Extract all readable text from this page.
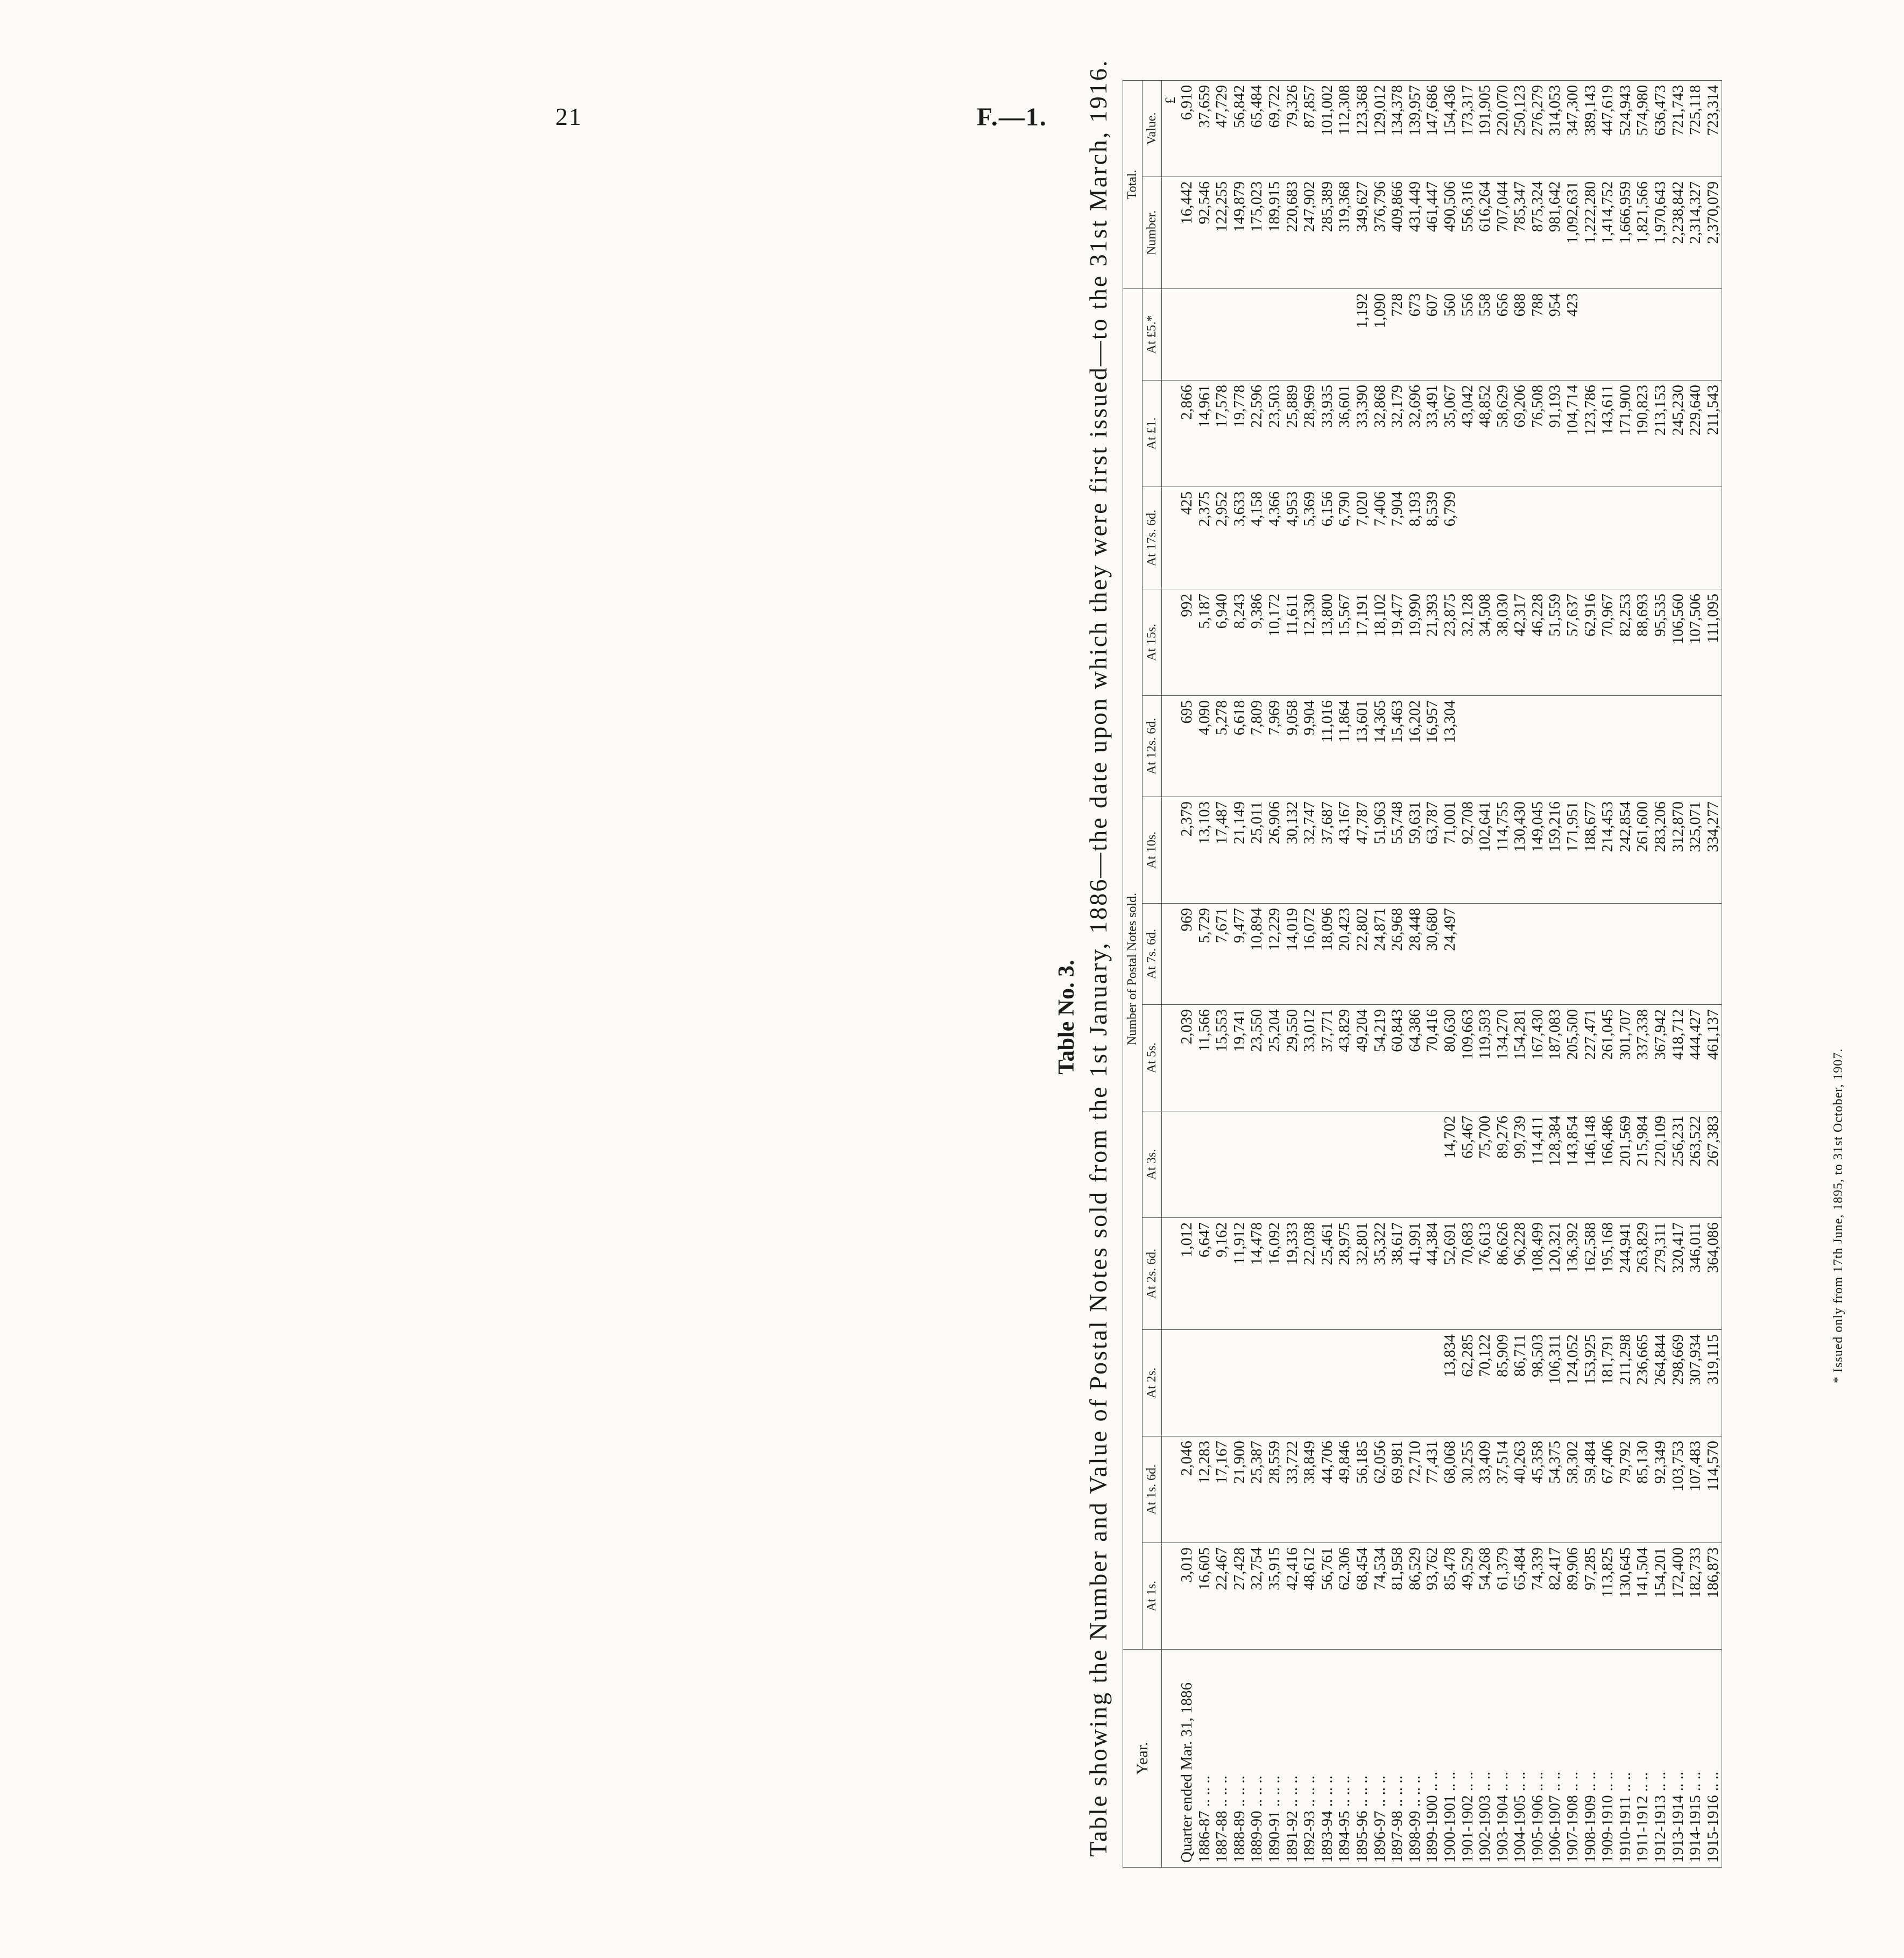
21	F.—1.
Table No. 3. Table showing the Number and Value of Postal Notes sold from the 1st January, 1886—the date upon which they were first issued—to the 31st March, 1916. Year.	Number of Postal Notes sold.													Total.	
	At 1s.	At 1s. 6d.	At 2s.	At 2s. 6d.	At 3s.	At 5s.	At 7s. 6d.	At 10s.	At 12s. 6d.	At 15s.	At 17s. 6d.	At £1.	At £5.*	Number.	Value.
Quarter ended Mar. 31, 1886	3,019	2,046		1,012		2,039	969	2,379	695	992	425	2,866		16,442	6,910
£

1886-87 .. .. ..	16,605	12,283		6,647		11,566	5,729	13,103	4,090	5,187	2,375	14,961		92,546	37,659
1887-88 .. .. ..	22,467	17,167		9,162		15,553	7,671	17,487	5,278	6,940	2,952	17,578		122,255	47,729
1888-89 .. .. ..	27,428	21,900		11,912		19,741	9,477	21,149	6,618	8,243	3,633	19,778		149,879	56,842
1889-90 .. .. ..	32,754	25,387		14,478		23,550	10,894	25,011	7,809	9,386	4,158	22,596		175,023	65,484
1890-91 .. .. ..	35,915	28,559		16,092		25,204	12,229	26,906	7,969	10,172	4,366	23,503		189,915	69,722
1891-92 .. .. ..	42,416	33,722		19,333		29,550	14,019	30,132	9,058	11,611	4,953	25,889		220,683	79,326
1892-93 .. .. ..	48,612	38,849		22,038		33,012	16,072	32,747	9,904	12,330	5,369	28,969		247,902	87,857
1893-94 .. .. ..	56,761	44,706		25,461		37,771	18,096	37,687	11,016	13,800	6,156	33,935		285,389	101,002
1894-95 .. .. ..	62,306	49,846		28,975		43,829	20,423	43,167	11,864	15,567	6,790	36,601		319,368	112,308
1895-96 .. .. ..	68,454	56,185		32,801		49,204	22,802	47,787	13,601	17,191	7,020	33,390	1,192	349,627	123,368
1896-97 .. .. ..	74,534	62,056		35,322		54,219	24,871	51,963	14,365	18,102	7,406	32,868	1,090	376,796	129,012
1897-98 .. .. ..	81,958	69,981		38,617		60,843	26,968	55,748	15,463	19,477	7,904	32,179	728	409,866	134,378
1898-99 .. .. ..	86,529	72,710		41,991		64,386	28,448	59,631	16,202	19,990	8,193	32,696	673	431,449	139,957
1899-1900 .. ..	93,762	77,431		44,384		70,416	30,680	63,787	16,957	21,393	8,539	33,491	607	461,447	147,686
1900-1901 .. ..	85,478	68,068	13,834	52,691	14,702	80,630	24,497	71,001	13,304	23,875	6,799	35,067	560	490,506	154,436
1901-1902 .. ..	49,529	30,255	62,285	70,683	65,467	109,663		92,708		32,128		43,042	556	556,316	173,317
1902-1903 .. ..	54,268	33,409	70,122	76,613	75,700	119,593		102,641		34,508		48,852	558	616,264	191,905
1903-1904 .. ..	61,379	37,514	85,909	86,626	89,276	134,270		114,755		38,030		58,629	656	707,044	220,070
1904-1905 .. ..	65,484	40,263	86,711	96,228	99,739	154,281		130,430		42,317		69,206	688	785,347	250,123
1905-1906 .. ..	74,339	45,358	98,503	108,499	114,411	167,430		149,045		46,228		76,508	788	875,324	276,279
1906-1907 .. ..	82,417	54,375	106,311	120,321	128,384	187,083		159,216		51,559		91,193	954	981,642	314,053
1907-1908 .. ..	89,906	58,302	124,052	136,392	143,854	205,500		171,951		57,637		104,714	423	1,092,631	347,300
1908-1909 .. ..	97,285	59,484	153,925	162,588	146,148	227,471		188,677		62,916		123,786		1,222,280	389,143
1909-1910 .. ..	113,825	67,406	181,791	195,168	166,486	261,045		214,453		70,967		143,611		1,414,752	447,619
1910-1911 .. ..	130,645	79,792	211,298	244,941	201,569	301,707		242,854		82,253		171,900		1,666,959	524,943
1911-1912 .. ..	141,504	85,130	236,665	263,829	215,984	337,338		261,600		88,693		190,823		1,821,566	574,980
1912-1913 .. ..	154,201	92,349	264,844	279,311	220,109	367,942		283,206		95,535		213,153		1,970,643	636,473
1913-1914 .. ..	172,400	103,753	298,669	320,417	256,231	418,712		312,870		106,560		245,230		2,238,842	721,743
1914-1915 .. ..	182,733	107,483	307,934	346,011	263,522	444,427		325,071		107,506		229,640		2,314,327	725,118
1915-1916 .. ..	186,873	114,570	319,115	364,086	267,383	461,137		334,277		111,095		211,543		2,370,079	723,314
* Issued only from 17th June, 1895, to 31st October, 1907.
